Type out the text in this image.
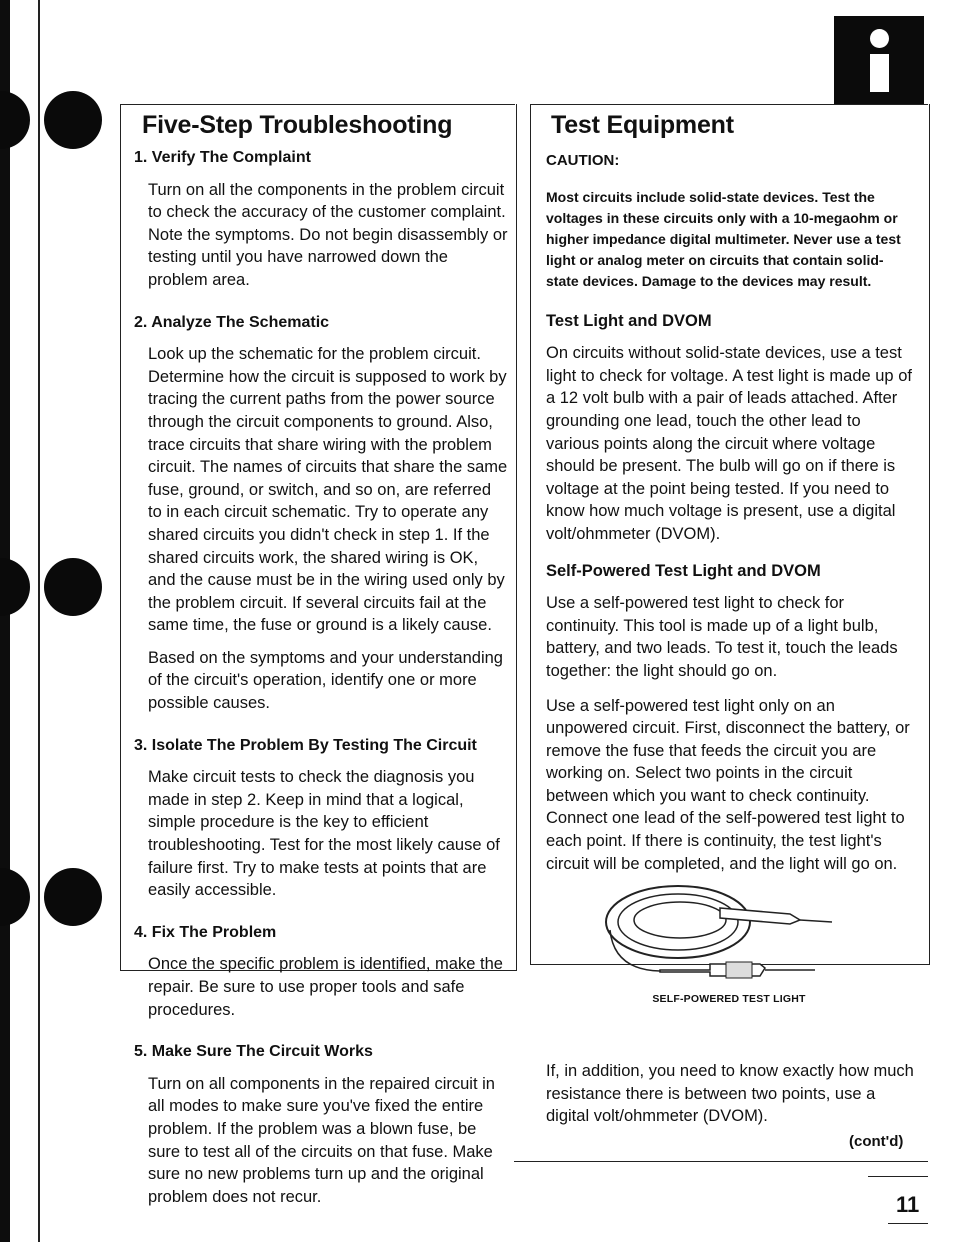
Five-Step Troubleshooting
1. Verify The Complaint

Turn on all the components in the problem circuit to check the accuracy of the customer complaint. Note the symptoms. Do not begin disassembly or testing until you have narrowed down the problem area.

2. Analyze The Schematic

Look up the schematic for the problem circuit. Determine how the circuit is supposed to work by tracing the current paths from the power source through the circuit components to ground. Also, trace circuits that share wiring with the problem circuit. The names of circuits that share the same fuse, ground, or switch, and so on, are referred to in each circuit schematic. Try to operate any shared circuits you didn't check in step 1. If the shared circuits work, the shared wiring is OK, and the cause must be in the wiring used only by the problem circuit. If several circuits fail at the same time, the fuse or ground is a likely cause.

Based on the symptoms and your understanding of the circuit's operation, identify one or more possible causes.

3. Isolate The Problem By Testing The Circuit

Make circuit tests to check the diagnosis you made in step 2. Keep in mind that a logical, simple procedure is the key to efficient troubleshooting. Test for the most likely cause of failure first. Try to make tests at points that are easily accessible.

4. Fix The Problem

Once the specific problem is identified, make the repair. Be sure to use proper tools and safe procedures.

5. Make Sure The Circuit Works

Turn on all components in the repaired circuit in all modes to make sure you've fixed the entire problem. If the problem was a blown fuse, be sure to test all of the circuits on that fuse. Make sure no new problems turn up and the original problem does not recur.

Test Equipment
CAUTION:
Most circuits include solid-state devices. Test the voltages in these circuits only with a 10-megaohm or higher impedance digital multimeter. Never use a test light or analog meter on circuits that contain solid-state devices. Damage to the devices may result.
Test Light and DVOM

On circuits without solid-state devices, use a test light to check for voltage. A test light is made up of a 12 volt bulb with a pair of leads attached. After grounding one lead, touch the other lead to various points along the circuit where voltage should be present. The bulb will go on if there is voltage at the point being tested. If you need to know how much voltage is present, use a digital volt/ohmmeter (DVOM).

Self-Powered Test Light and DVOM

Use a self-powered test light to check for continuity. This tool is made up of a light bulb, battery, and two leads. To test it, touch the leads together: the light should go on.

Use a self-powered test light only on an unpowered circuit. First, disconnect the battery, or remove the fuse that feeds the circuit you are working on. Select two points in the circuit between which you want to check continuity. Connect one lead of the self-powered test light to each point. If there is continuity, the test light's circuit will be completed, and the light will go on.

SELF-POWERED TEST LIGHT

If, in addition, you need to know exactly how much resistance there is between two points, use a digital volt/ohmmeter (DVOM).

(cont'd)
11
